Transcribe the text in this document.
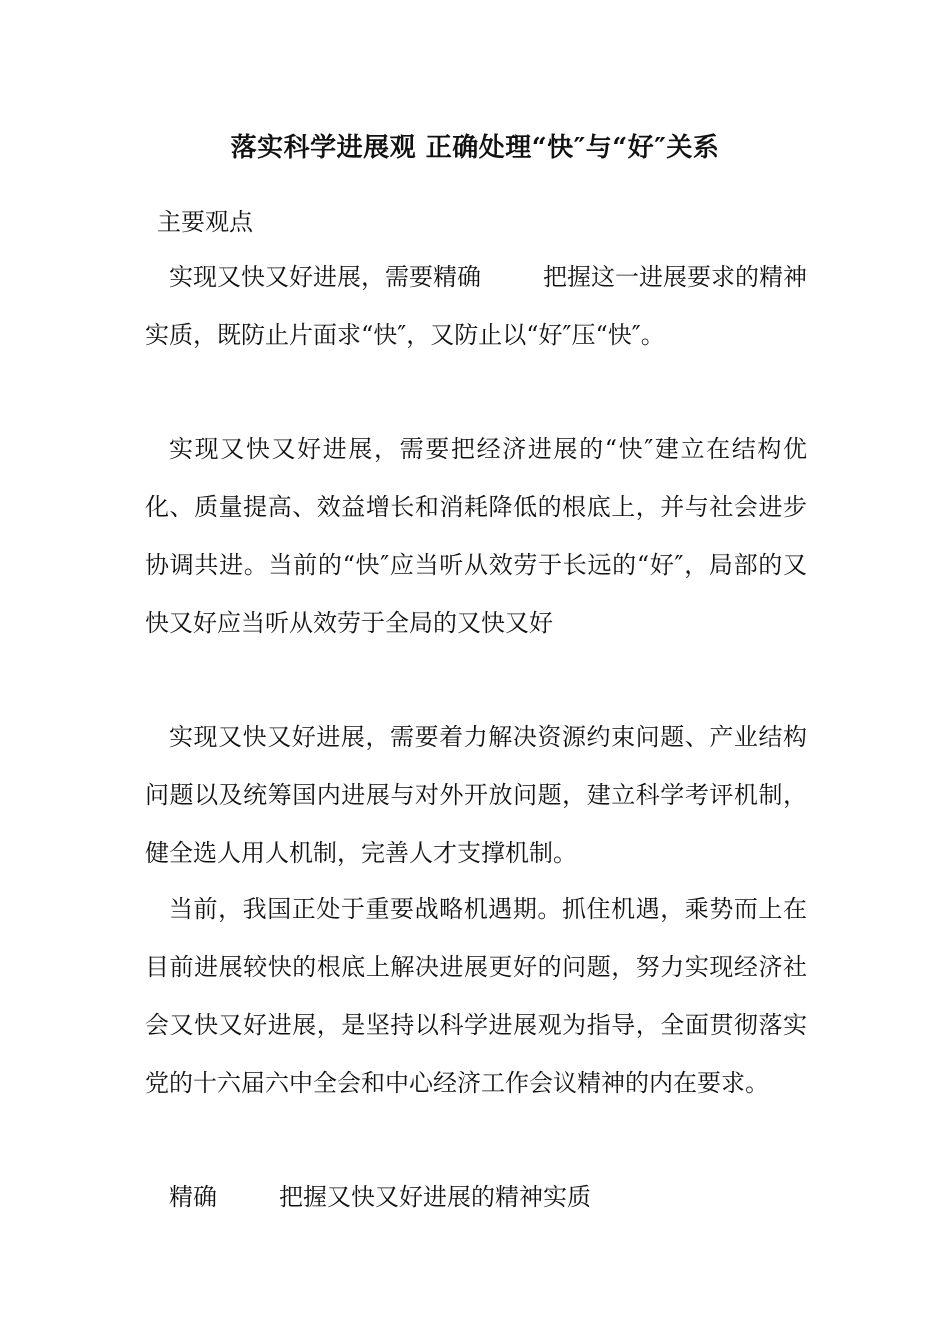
落实科学进展观 正确处理“快″与“好″关系
主要观点

实现又快又好进展，需要精确	把握这一进展要求的精神实质，既防止片面求“快″，又防止以“好″压“快″。

实现又快又好进展，需要把经济进展的“快″建立在结构优化、质量提高、效益增长和消耗降低的根底上，并与社会进步协调共进。当前的“快″应当听从效劳于长远的“好″，局部的又快又好应当听从效劳于全局的又快又好

实现又快又好进展，需要着力解决资源约束问题、产业结构问题以及统筹国内进展与对外开放问题，建立科学考评机制，健全选人用人机制，完善人才支撑机制。

当前，我国正处于重要战略机遇期。抓住机遇，乘势而上在目前进展较快的根底上解决进展更好的问题，努力实现经济社会又快又好进展，是坚持以科学进展观为指导，全面贯彻落实党的十六届六中全会和中心经济工作会议精神的内在要求。

精确	把握又快又好进展的精神实质
